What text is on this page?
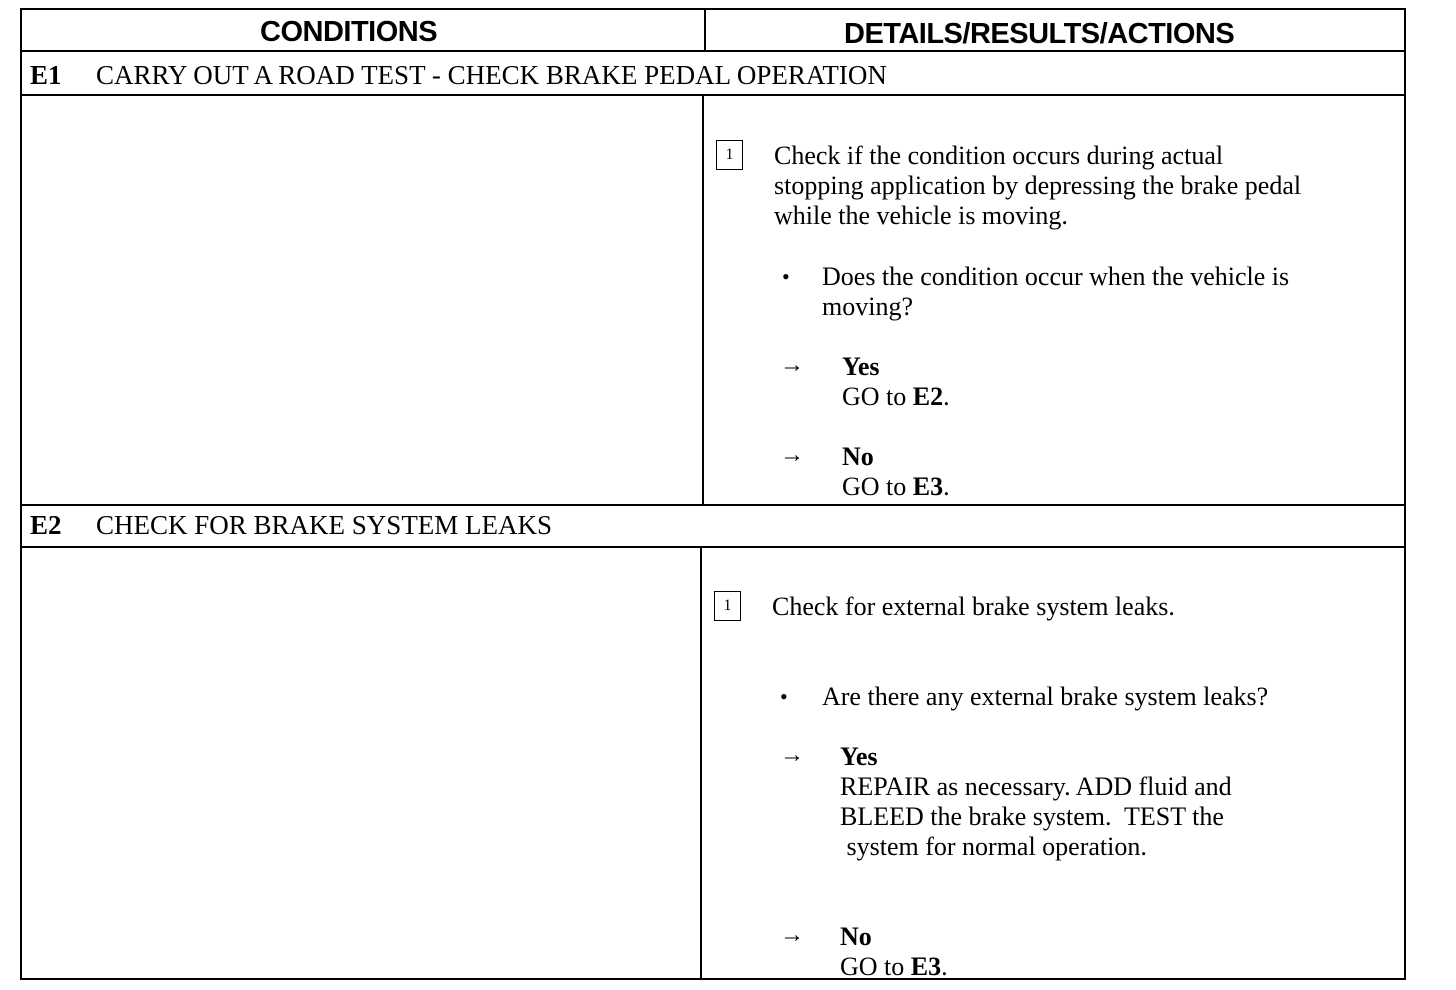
CONDITIONS	DETAILS/RESULTS/ACTIONS
E1 CARRY OUT A ROAD TEST - CHECK BRAKE PEDAL OPERATION
1	Check if the condition occurs during actual
stopping application by depressing the brake pedal
while the vehicle is moving.
• Does the condition occur when the vehicle is
moving?
→ Yes
GO to E2.
→ No
GO to E3.
E2 CHECK FOR BRAKE SYSTEM LEAKS
1	Check for external brake system leaks.
• Are there any external brake system leaks?
→ Yes
REPAIR as necessary. ADD fluid and
BLEED the brake system.  TEST the
system for normal operation.
→ No
GO to E3.
